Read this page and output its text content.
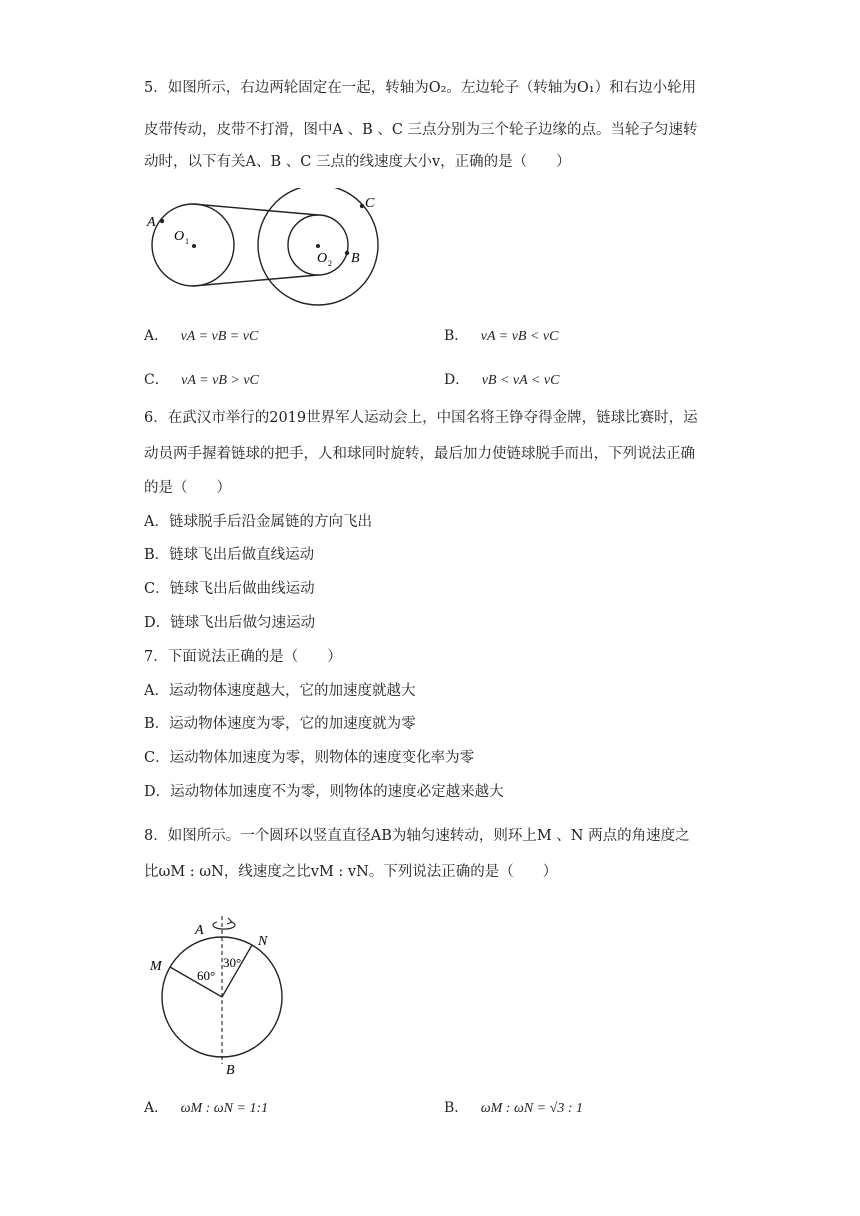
5．如图所示，右边两轮固定在一起，转轴为O₂。左边轮子（转轴为O₁）和右边小轮用
皮带传动，皮带不打滑，图中A 、B 、C 三点分别为三个轮子边缘的点。当轮子匀速转
动时，以下有关A、B 、C 三点的线速度大小v，正确的是（　　）
A
C
B
O 1
O 2
A． vA = vB = vC	B． vA = vB < vC
C． vA = vB > vC	D． vB < vA < vC
6．在武汉市举行的2019世界军人运动会上，中国名将王铮夺得金牌，链球比赛时，运
动员两手握着链球的把手，人和球同时旋转，最后加力使链球脱手而出，下列说法正确
的是（　　）
A．链球脱手后沿金属链的方向飞出
B．链球飞出后做直线运动
C．链球飞出后做曲线运动
D．链球飞出后做匀速运动
7．下面说法正确的是（　　）
A．运动物体速度越大，它的加速度就越大
B．运动物体速度为零，它的加速度就为零
C．运动物体加速度为零，则物体的速度变化率为零
D．运动物体加速度不为零，则物体的速度必定越来越大
8．如图所示。一个圆环以竖直直径AB为轴匀速转动，则环上M 、N 两点的角速度之
比ωM : ωN，线速度之比vM : vN。下列说法正确的是（　　）
A
N
M
60°
30°
B
A． ωM : ωN = 1:1	B． ωM : ωN = √3 : 1
